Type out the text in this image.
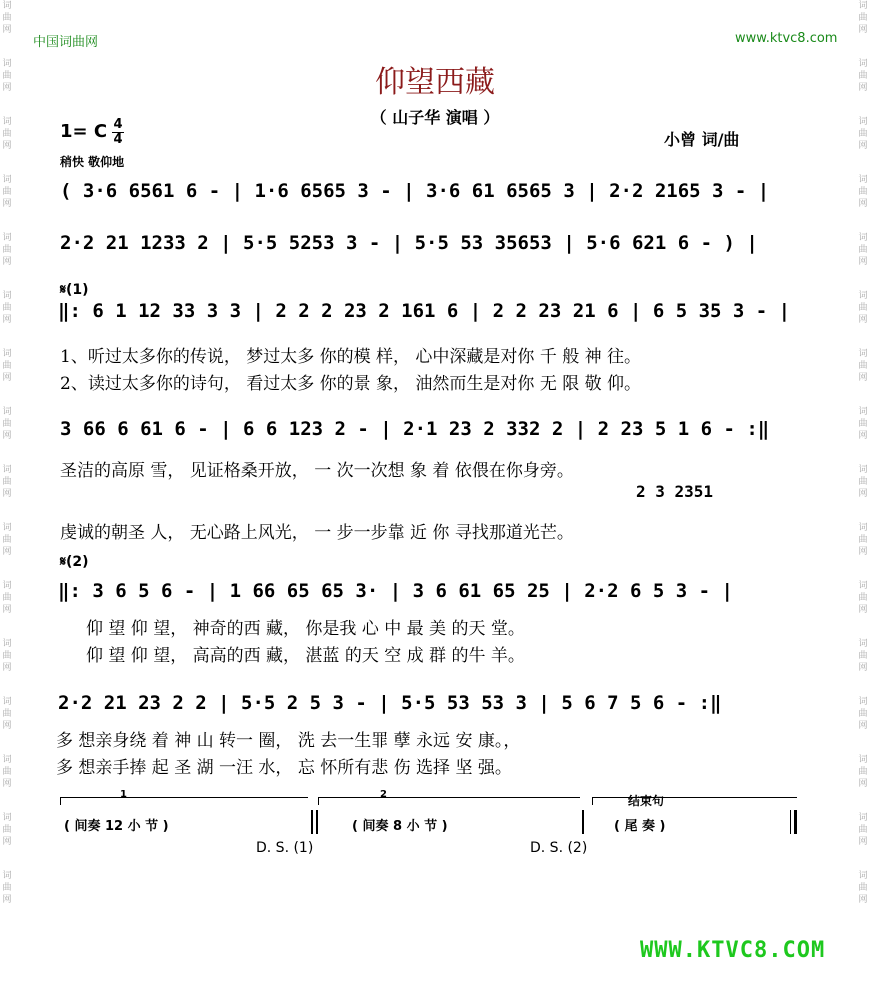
词
曲
网
词
曲
网
词
曲
网
词
曲
网
词
曲
网
词
曲
网
词
曲
网
词
曲
网
词
曲
网
词
曲
网
词
曲
网
词
曲
网
词
曲
网
词
曲
网
词
曲
网
词
曲
网
词
曲
网
词
曲
网
词
曲
网
词
曲
网
词
曲
网
词
曲
网
词
曲
网
词
曲
网
词
曲
网
词
曲
网
词
曲
网
词
曲
网
词
曲
网
词
曲
网
词
曲
网
词
曲
网
中国词曲网	www.ktvc8.com
仰望西藏
（ 山子华 演唱 ）
1= C 4
4
稍快 敬仰地
小曾 词/曲
( 3·6 6561 6 - | 1·6 6565 3 - | 3·6 61 6565 3 | 2·2 2165 3 - |
2·2 21 1233 2 | 5·5 5253 3 - | 5·5 53 35653 | 5·6 621 6 - ) |
𝄋(1)
‖: 6 1 12 33 3 3 | 2 2 2 23 2 161 6 | 2 2 23 21 6 | 6 5 35 3 - |
1、听过太多你的传说， 梦过太多 你的模 样， 心中深藏是对你 千 般 神 往。
2、读过太多你的诗句， 看过太多 你的景 象， 油然而生是对你 无 限 敬 仰。
3 66 6 61 6 - | 6 6 123 2 - | 2·1 23 2 332 2 | 2 23 5 1 6 - :‖
圣洁的高原 雪， 见证格桑开放， 一 次一次想 象 着 依偎在你身旁。
2 3 2351
虔诚的朝圣 人， 无心路上风光， 一 步一步靠 近 你 寻找那道光芒。
𝄋(2)
‖: 3 6 5 6 - | 1 66 65 65 3· | 3 6 61 65 25 | 2·2 6 5 3 - |
仰 望 仰 望， 神奇的西 藏， 你是我 心 中 最 美 的天 堂。
仰 望 仰 望， 高高的西 藏， 湛蓝 的天 空 成 群 的牛 羊。
2·2 21 23 2 2 | 5·5 2 5 3 - | 5·5 53 53 3 | 5 6 7 5 6 - :‖
多 想亲身绕 着 神 山 转一 圈， 洗 去一生罪 孽 永远 安 康。，
多 想亲手捧 起 圣 湖 一汪 水， 忘 怀所有悲 伤 选择 坚 强。
1	2	结束句
( 间奏 12 小 节 )	( 间奏 8 小 节 )	( 尾 奏 )
D. S. (1)	D. S. (2)
WWW.KTVC8.COM
